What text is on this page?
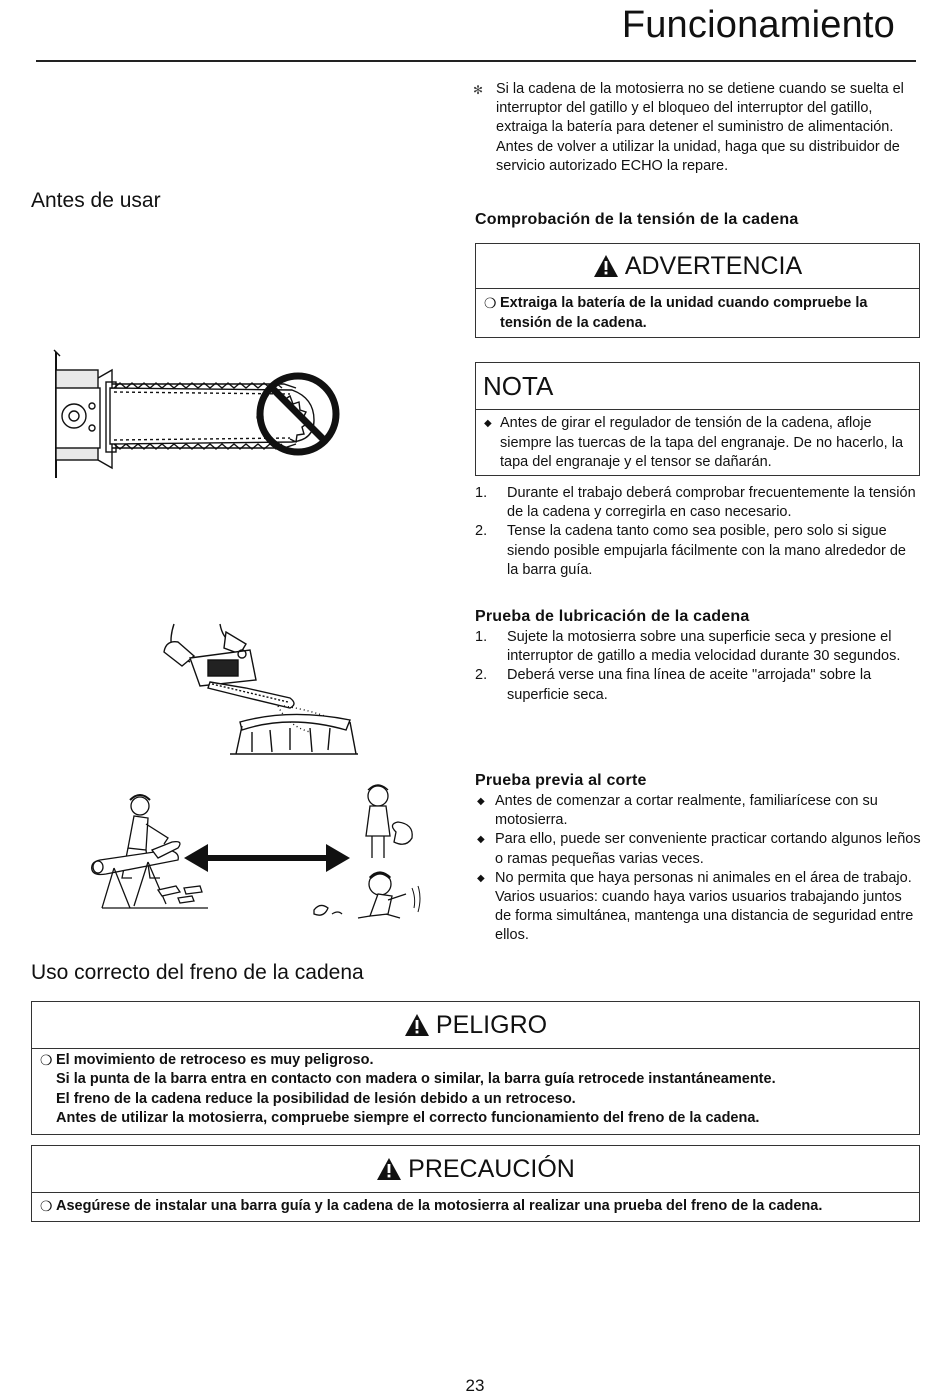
Funcionamiento
✻ Si la cadena de la motosierra no se detiene cuando se suelta el interruptor del gatillo y el bloqueo del interruptor del gatillo, extraiga la batería para detener el suministro de alimentación. Antes de volver a utilizar la unidad, haga que su distribuidor de servicio autorizado ECHO la repare.
Antes de usar
Comprobación de la tensión de la cadena
ADVERTENCIA
❍ Extraiga la batería de la unidad cuando compruebe la tensión de la cadena.
NOTA
◆ Antes de girar el regulador de tensión de la cadena, afloje siempre las tuercas de la tapa del engranaje. De no hacerlo, la tapa del engranaje y el tensor se dañarán.
1. Durante el trabajo deberá comprobar frecuentemente la tensión de la cadena y corregirla en caso necesario.
2. Tense la cadena tanto como sea posible, pero solo si sigue siendo posible empujarla fácilmente con la mano alrededor de la barra guía.
Prueba de lubricación de la cadena
1. Sujete la motosierra sobre una superficie seca y presione el interruptor de gatillo a media velocidad durante 30 segundos.
2. Deberá verse una fina línea de aceite "arrojada" sobre la superficie seca.
Prueba previa al corte
◆ Antes de comenzar a cortar realmente, familiarícese con su motosierra.
◆ Para ello, puede ser conveniente practicar cortando algunos leños o ramas pequeñas varias veces.
◆ No permita que haya personas ni animales en el área de trabajo. Varios usuarios: cuando haya varios usuarios trabajando juntos de forma simultánea, mantenga una distancia de seguridad entre ellos.
Uso correcto del freno de la cadena
PELIGRO
❍ El movimiento de retroceso es muy peligroso.
Si la punta de la barra entra en contacto con madera o similar, la barra guía retrocede instantáneamente.
El freno de la cadena reduce la posibilidad de lesión debido a un retroceso.
Antes de utilizar la motosierra, compruebe siempre el correcto funcionamiento del freno de la cadena.
PRECAUCIÓN
❍ Asegúrese de instalar una barra guía y la cadena de la motosierra al realizar una prueba del freno de la cadena.
23
